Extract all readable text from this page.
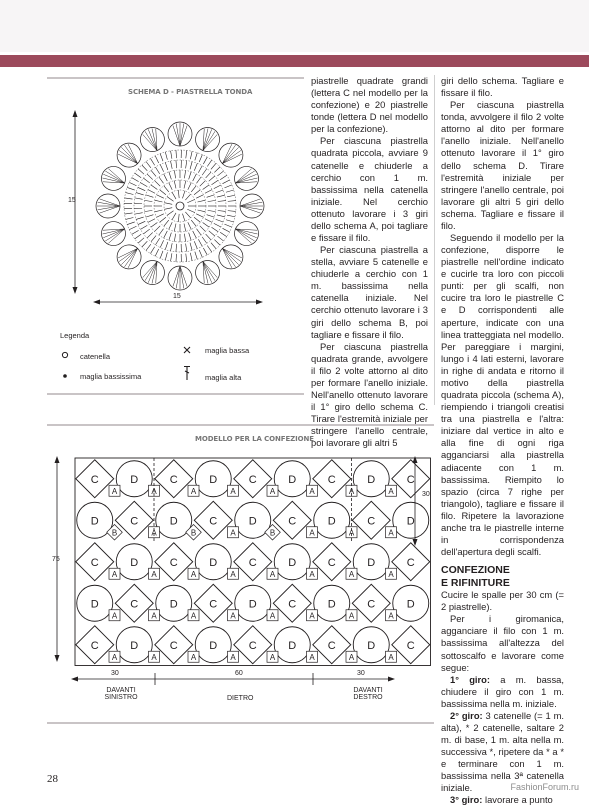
SCHEMA D - PIASTRELLA TONDA
15
15
Legenda
catenella
maglia bassissima
maglia bassa
maglia alta
MODELLO PER LA CONFEZIONE
C	D	C	D	C	D	C	D	C
D	C	D	C	D	C	D	C	D
C	D	C	D	C	D	C	D	C
D	C	D	C	D	C	D	C	D
C	D	C	D	C	D	C	D	C
A	A	A	A	A	A	A	A
B	A	B	A	B	A	A	A
A	A	A	A	A	A	A	A
A	A	A	A	A	A	A	A
A	A	A	A	A	A	A	A
75
30
30	60	30
DAVANTI
SINISTRO	DIETRO
DAVANTI
DESTRO

piastrelle quadrate grandi (lettera C nel modello per la confezione) e 20 piastrelle tonde (lettera D nel modello per la confezione).

Per ciascuna piastrella quadrata piccola, avviare 9 catenelle e chiuderle a cerchio con 1 m. bassissima nella catenella iniziale. Nel cerchio ottenuto lavorare i 3 giri dello schema A, poi tagliare e fissare il filo.

Per ciascuna piastrella a stella, avviare 5 catenelle e chiuderle a cerchio con 1 m. bassissima nella catenella iniziale. Nel cerchio ottenuto lavorare i 3 giri dello schema B, poi tagliare e fissare il filo.

Per ciascuna piastrella quadrata grande, avvolgere il filo 2 volte attorno al dito per formare l'anello iniziale. Nell'anello ottenuto lavorare il 1° giro dello schema C. Tirare l'estremità iniziale per stringere l'anello centrale, poi lavorare gli altri 5

giri dello schema. Tagliare e fissare il filo.

Per ciascuna piastrella tonda, avvolgere il filo 2 volte attorno al dito per formare l'anello iniziale. Nell'anello ottenuto lavorare il 1° giro dello schema D. Tirare l'estremità iniziale per stringere l'anello centrale, poi lavorare gli altri 5 giri dello schema. Tagliare e fissare il filo.

Seguendo il modello per la confezione, disporre le piastrelle nell'ordine indicato e cucirle tra loro con piccoli punti: per gli scalfi, non cucire tra loro le piastrelle C e D corrispondenti alle aperture, indicate con una linea tratteggiata nel modello. Per pareggiare i margini, lungo i 4 lati esterni, lavorare in righe di andata e ritorno il motivo della piastrella quadrata piccola (schema A), riempiendo i triangoli creatisi tra una piastrella e l'altra: iniziare dal vertice in alto e alla fine di ogni riga agganciarsi alla piastrella adiacente con 1 m. bassissima. Riempito lo spazio (circa 7 righe per triangolo), tagliare e fissare il filo. Ripetere la lavorazione anche tra le piastrelle interne in corrispondenza dell'apertura degli scalfi.

CONFEZIONE
E RIFINITURE

Cucire le spalle per 30 cm (= 2 piastrelle).

Per i giromanica, agganciare il filo con 1 m. bassissima all'altezza del sottoscalfo e lavorare come segue:

1° giro: a m. bassa, chiudere il giro con 1 m. bassissima nella m. iniziale.

2° giro: 3 catenelle (= 1 m. alta), * 2 catenelle, saltare 2 m. di base, 1 m. alta nella m. successiva *, ripetere da * a * e terminare con 1 m. bassissima nella 3ª catenella iniziale.

3° giro: lavorare a punto

28
FashionForum.ru
